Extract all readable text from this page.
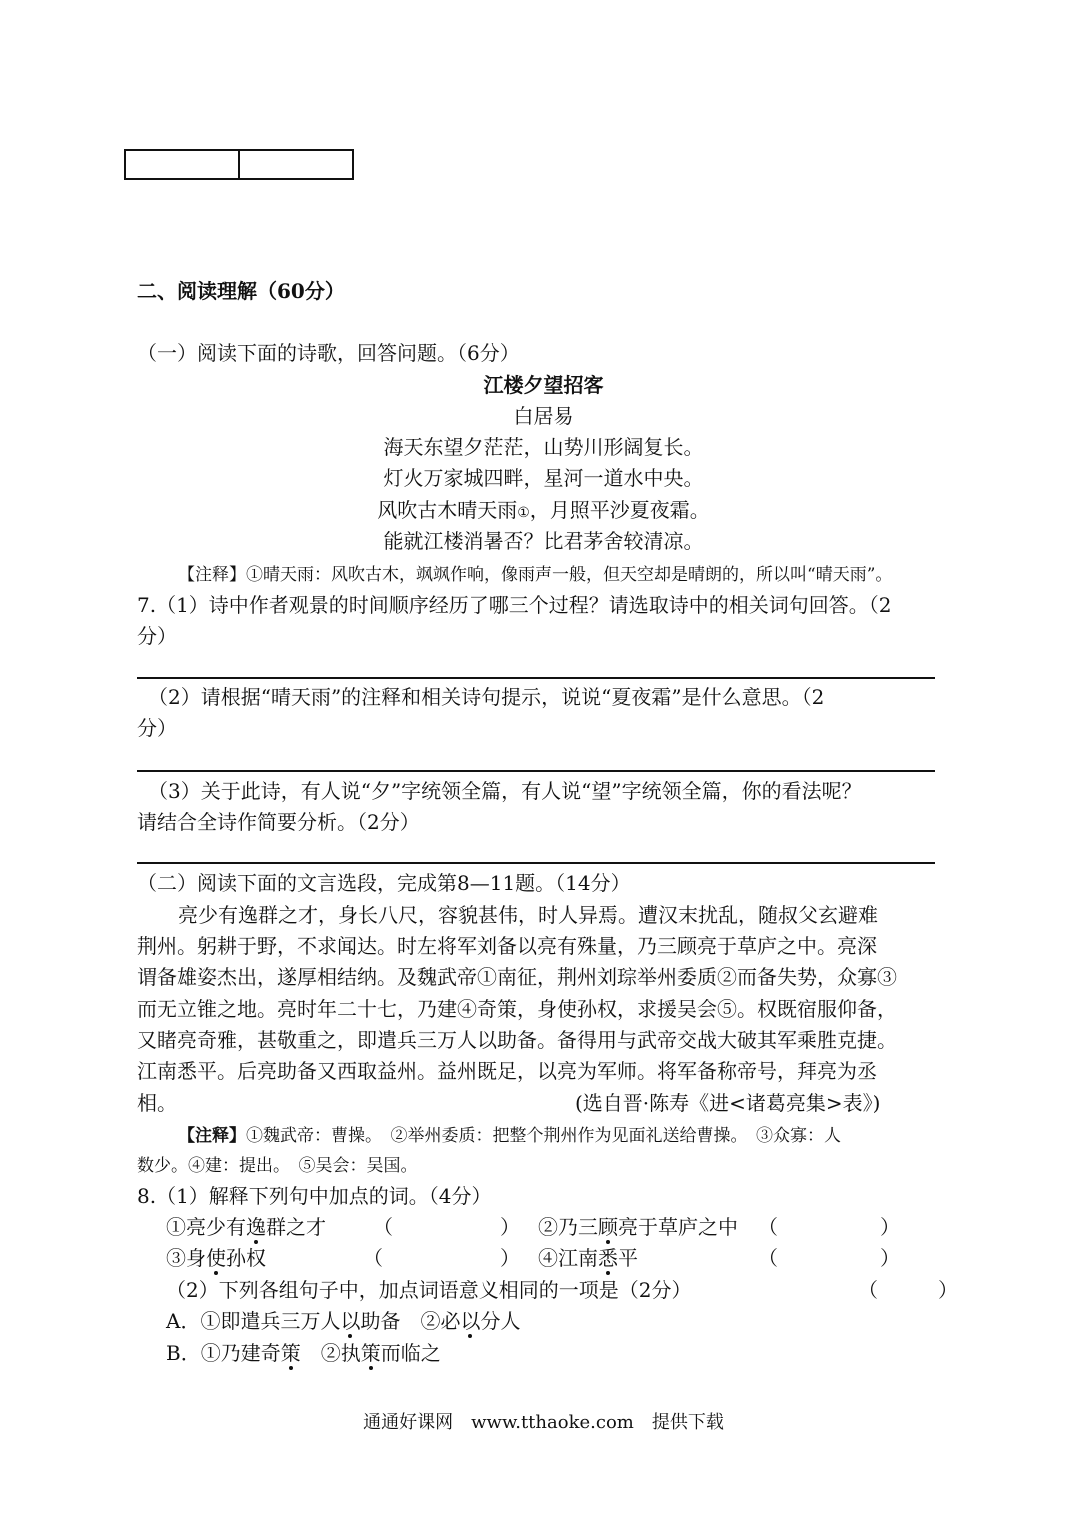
二、阅读理解（60分）
（一）阅读下面的诗歌，回答问题。（6分）
江楼夕望招客
白居易
海天东望夕茫茫，山势川形阔复长。
灯火万家城四畔，星河一道水中央。
风吹古木晴天雨①，月照平沙夏夜霜。
能就江楼消暑否？比君茅舍较清凉。
【注释】①晴天雨：风吹古木，飒飒作响，像雨声一般，但天空却是晴朗的，所以叫“晴天雨”。
7.（1）诗中作者观景的时间顺序经历了哪三个过程？请选取诗中的相关词句回答。（2
分）
（2）请根据“晴天雨”的注释和相关诗句提示，说说“夏夜霜”是什么意思。（2
分）
（3）关于此诗，有人说“夕”字统领全篇，有人说“望”字统领全篇，你的看法呢？
请结合全诗作简要分析。（2分）
（二）阅读下面的文言选段，完成第8—11题。（14分）
亮少有逸群之才，身长八尺，容貌甚伟，时人异焉。遭汉末扰乱，随叔父玄避难
荆州。躬耕于野，不求闻达。时左将军刘备以亮有殊量，乃三顾亮于草庐之中。亮深
谓备雄姿杰出，遂厚相结纳。及魏武帝①南征，荆州刘琮举州委质②而备失势，众寡③
而无立锥之地。亮时年二十七，乃建④奇策，身使孙权，求援吴会⑤。权既宿服仰备，
又睹亮奇雅，甚敬重之，即遣兵三万人以助备。备得用与武帝交战大破其军乘胜克捷。
江南悉平。后亮助备又西取益州。益州既足，以亮为军师。将军备称帝号，拜亮为丞
相。	(选自晋·陈寿《进<诸葛亮集>表》)
【注释】①魏武帝：曹操。　②举州委质：把整个荆州作为见面礼送给曹操。　③众寡：人
数少。④建：提出。　⑤吴会：吴国。
8.（1）解释下列句中加点的词。（4分）
①亮少有逸群之才 （	） ②乃三顾亮于草庐之中 （	）
③身使孙权	（	） ④江南悉平	（	）
（2）下列各组句子中，加点词语意义相同的一项是（2分）	（　　　）
A．①即遣兵三万人以助备　 ②必以分人
B．①乃建奇策　 ②执策而临之
通通好课网　www.tthaoke.com　提供下载
